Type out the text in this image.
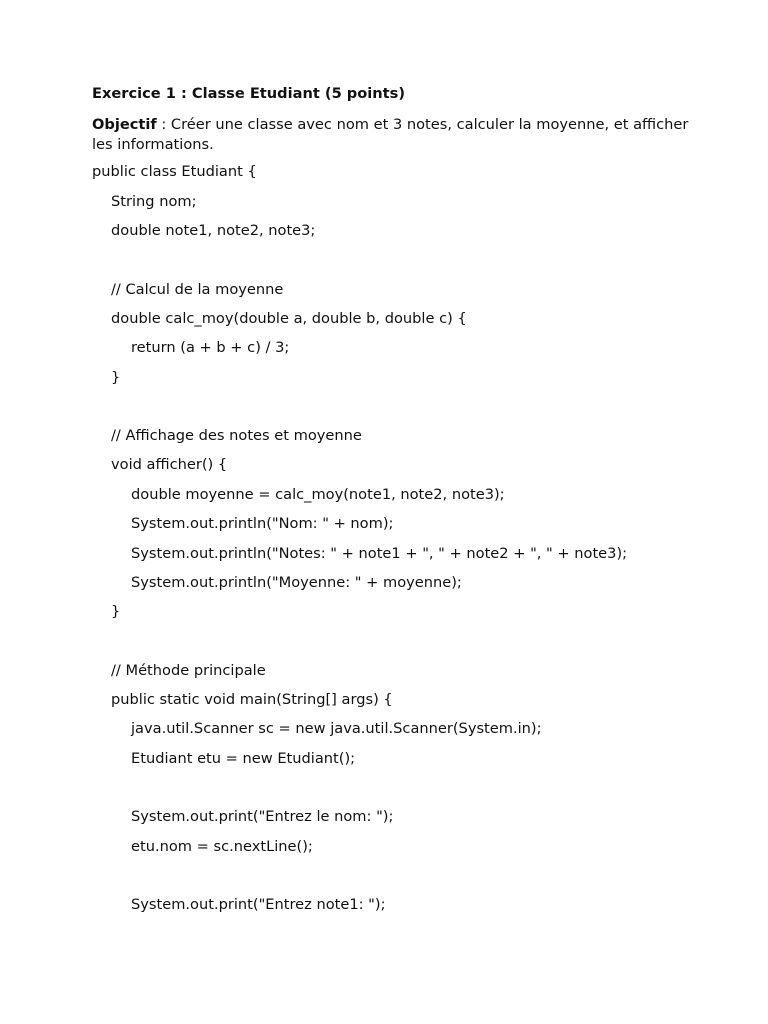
Exercice 1 : Classe Etudiant (5 points)
Objectif : Créer une classe avec nom et 3 notes, calculer la moyenne, et afficher les informations.
public class Etudiant {
String nom;
double note1, note2, note3;
// Calcul de la moyenne
double calc_moy(double a, double b, double c) {
return (a + b + c) / 3;
}
// Affichage des notes et moyenne
void afficher() {
double moyenne = calc_moy(note1, note2, note3);
System.out.println("Nom: " + nom);
System.out.println("Notes: " + note1 + ", " + note2 + ", " + note3);
System.out.println("Moyenne: " + moyenne);
}
// Méthode principale
public static void main(String[] args) {
java.util.Scanner sc = new java.util.Scanner(System.in);
Etudiant etu = new Etudiant();
System.out.print("Entrez le nom: ");
etu.nom = sc.nextLine();
System.out.print("Entrez note1: ");
